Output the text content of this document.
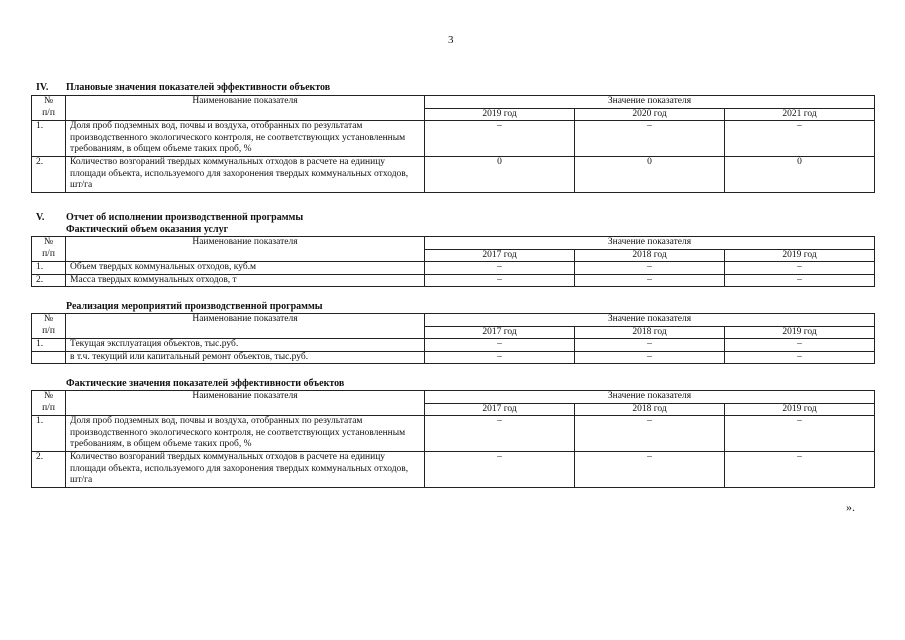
3
IV. Плановые значения показателей эффективности объектов
№	Наименование показателя	Значение показателя		
п/п		2019 год	2020 год	2021 год
1.	Доля проб подземных вод, почвы и воздуха, отобранных по результатам производственного экологического контроля, не соответствующих установленным требованиям, в общем объеме таких проб, %	–	–	–
2.	Количество возгораний твердых коммунальных отходов в расчете на единицу площади объекта, используемого для захоронения твердых коммунальных отходов, шт/га	0	0	0
V. Отчет об исполнении производственной программы
Фактический объем оказания услуг
№	Наименование показателя	Значение показателя		
п/п		2017 год	2018 год	2019 год
1.	Объем твердых коммунальных отходов, куб.м	–	–	–
2.	Масса твердых коммунальных отходов, т	–	–	–
Реализация мероприятий производственной программы
№	Наименование показателя	Значение показателя		
п/п		2017 год	2018 год	2019 год
1.	Текущая эксплуатация объектов, тыс.руб.	–	–	–
	в т.ч. текущий или капитальный ремонт объектов, тыс.руб.	–	–	–
Фактические значения показателей эффективности объектов
№	Наименование показателя	Значение показателя		
п/п		2017 год	2018 год	2019 год
1.	Доля проб подземных вод, почвы и воздуха, отобранных по результатам производственного экологического контроля, не соответствующих установленным требованиям, в общем объеме таких проб, %	–	–	–
2.	Количество возгораний твердых коммунальных отходов в расчете на единицу площади объекта, используемого для захоронения твердых коммунальных отходов, шт/га	–	–	–
».
